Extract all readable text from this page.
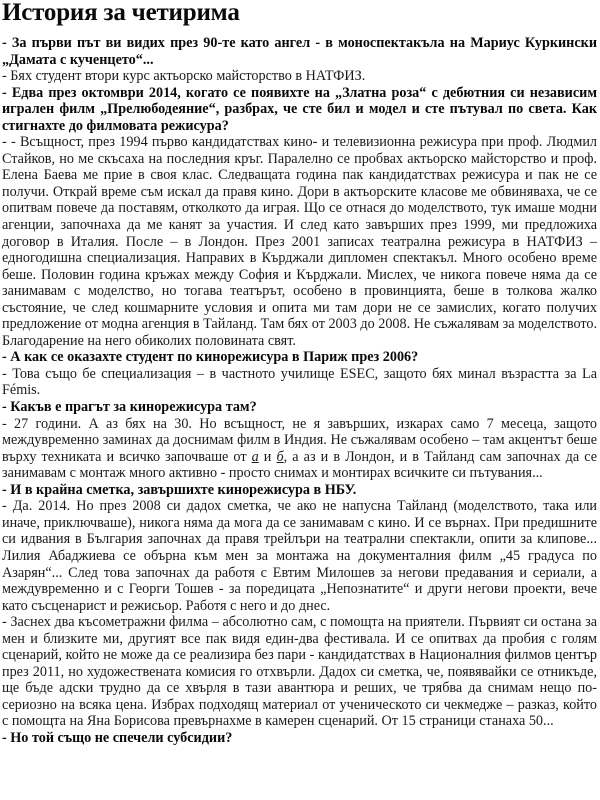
История за четирима

- За първи път ви видих през 90-те като ангел - в моноспектакъла на Мариус Куркински „Дамата с кученцето“...

- Бях студент втори курс актьорско майсторство в НАТФИЗ.

- Едва през октомври 2014, когато се появихте на „Златна роза“ с дебютния си независим игрален филм „Прелюбодеяние“, разбрах, че сте бил и модел и сте пътувал по света. Как стигнахте до филмовата режисура?

- - Всъщност, през 1994 първо кандидатствах кино- и телевизионна режисура при проф. Людмил Стайков, но ме скъсаха на последния кръг. Паралелно се пробвах актьорско майсторство и проф. Елена Баева ме прие в своя клас. Следващата година пак кандидатствах режисура и пак не се получи. Открай време съм искал да правя кино. Дори в актьорските класове ме обвиняваха, че се опитвам повече да поставям, отколкото да играя. Що се отнася до моделството, тук имаше модни агенции, започнаха да ме канят за участия. И след като завърших през 1999, ми предложиха договор в Италия. После – в Лондон. През 2001 записах театрална режисура в НАТФИЗ – едногодишна специализация. Направих в Кърджали дипломен спектакъл. Много особено време беше. Половин година кръжах между София и Кърджали. Мислех, че никога повече няма да се занимавам с моделство, но тогава театърът, особено в провинцията, беше в толкова жалко състояние, че след кошмарните условия и опита ми там дори не се замислих, когато получих предложение от модна агенция в Тайланд. Там бях от 2003 до 2008. Не съжалявам за моделството. Благодарение на него обиколих половината свят.

- А как се оказахте студент по кинорежисура в Париж през 2006?

- Това също бе специализация – в частното училище ESEC, защото бях минал възрастта за La Fémis.

- Какъв е прагът за кинорежисура там?

- 27 години. А аз бях на 30. Но всъщност, не я завърших, изкарах само 7 месеца, защото междувременно заминах да доснимам филм в Индия. Не съжалявам особено – там акцентът беше върху техниката и всичко започваше от а и б, а аз и в Лондон, и в Тайланд сам започнах да се занимавам с монтаж много активно - просто снимах и монтирах всичките си пътувания...

- И в крайна сметка, завършихте кинорежисура в НБУ.

- Да. 2014. Но през 2008 си дадох сметка, че ако не напусна Тайланд (моделството, така или иначе, приключваше), никога няма да мога да се занимавам с кино. И се върнах. При предишните си идвания в България започнах да правя трейлъри на театрални спектакли, опити за клипове... Лилия Абаджиева се обърна към мен за монтажа на документалния филм „45 градуса по Азарян“... След това започнах да работя с Евтим Милошев за негови предавания и сериали, а междувременно и с Георги Тошев - за поредицата „Непознатите“ и други негови проекти, вече като съсценарист и режисьор. Работя с него и до днес.

- Заснех два късометражни филма – абсолютно сам, с помощта на приятели. Първият си остана за мен и близките ми, другият все пак видя един-два фестивала. И се опитвах да пробия с голям сценарий, който не може да се реализира без пари - кандидатствах в Националния филмов център през 2011, но художествената комисия го отхвърли. Дадох си сметка, че, появявайки се отникъде, ще бъде адски трудно да се хвърля в тази авантюра и реших, че трябва да снимам нещо по-сериозно на всяка цена. Избрах подходящ материал от ученическото си чекмедже – разказ, който с помощта на Яна Борисова превърнахме в камерен сценарий. От 15 страници станаха 50...

- Но той също не спечели субсидии?
